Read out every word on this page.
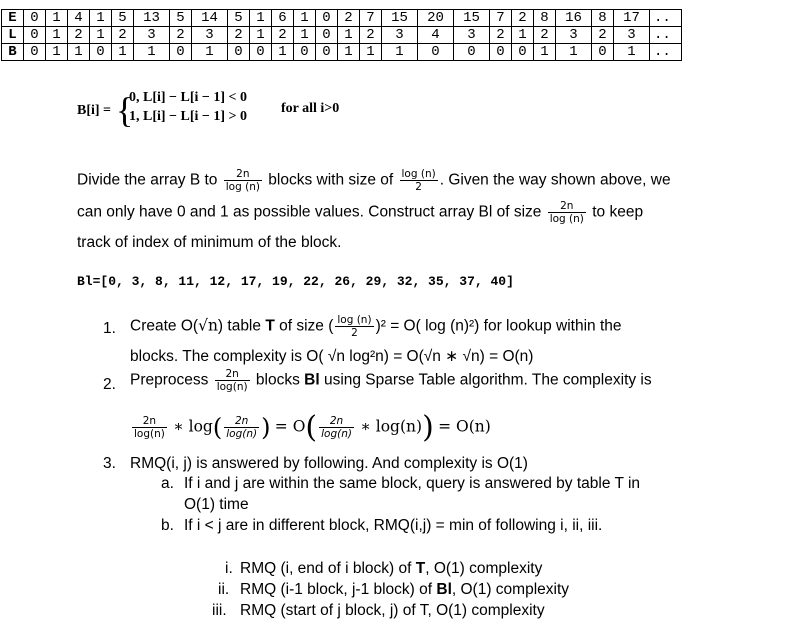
E	0	1	4	1	5	13	5	14	5	1	6	1	0	2	7	15	20	15	7	2	8	16	8	17	..
L	0	1	2	1	2	3	2	3	2	1	2	1	0	1	2	3	4	3	2	1	2	3	2	3	..
B	0	1	1	0	1	1	0	1	0	0	1	0	0	1	1	1	0	0	0	0	1	1	0	1	..
B[i] = {
0, L[i] − L[i − 1] < 0
1, L[i] − L[i − 1] > 0
for all i>0
Divide the array B to $\frac{2n}{\log (n)}$ blocks with size of $\frac{\log (n)}{2}$ . Given the way shown above, we
can only have 0 and 1 as possible values. Construct array Bl of size $\frac{2n}{\log (n)}$ to keep
track of index of minimum of the block.
Bl=[0, 3, 8, 11, 12, 17, 19, 22, 26, 29, 32, 35, 37, 40]
1. Create O(√n) table T of size ( $\frac{\log (n)}{2} )^2 = O$( log (n)²) for lookup within the
blocks. The complexity is O( √n log²n) = O(√n ∗ √n) = O(n)
2. Preprocess $\frac{2n}{\log(n)}$ blocks Bl using Sparse Table algorithm. The complexity is
$\frac{2n}{\log(n)}$ ∗ $\log( \frac{2n}{\log(n)}$ ) = $O( \frac{2n}{\log(n)}$ ∗ log(n)) = O(n)
3. RMQ(i, j) is answered by following. And complexity is O(1)
a. If i and j are within the same block, query is answered by table T in
O(1) time
b. If i < j are in different block, RMQ(i,j) = min of following i, ii, iii.
i. RMQ (i, end of i block) of T, O(1) complexity
ii. RMQ (i-1 block, j-1 block) of Bl, O(1) complexity
iii. RMQ (start of j block, j) of T, O(1) complexity
